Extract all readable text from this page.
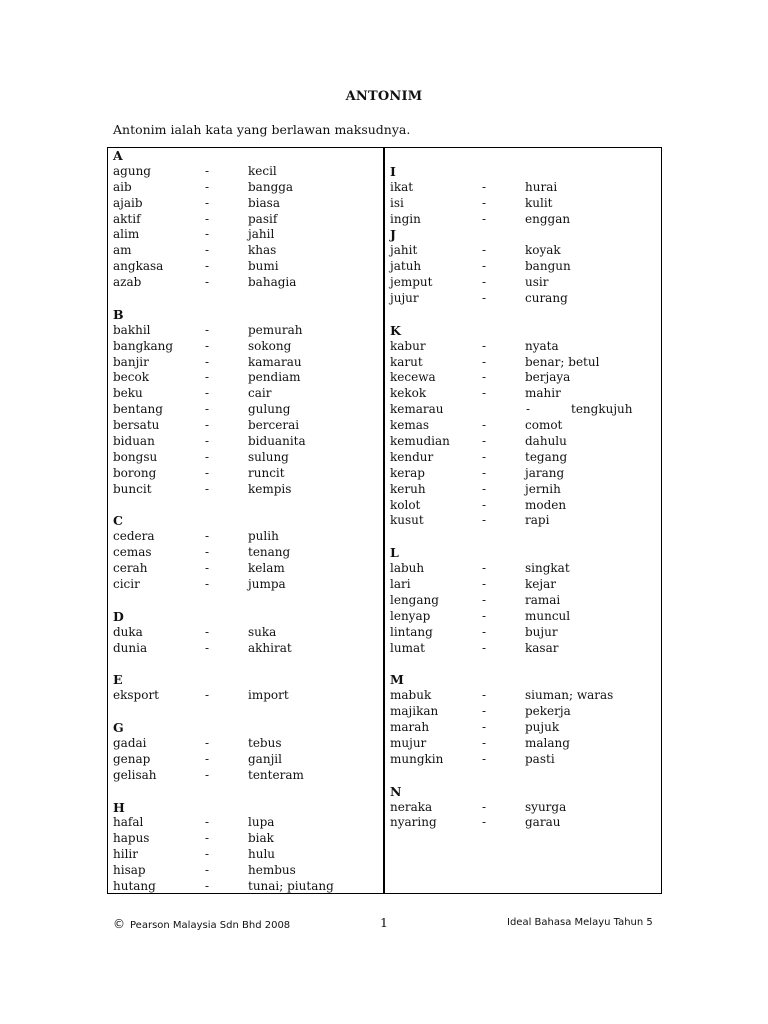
ANTONIM
Antonim ialah kata yang berlawan maksudnya.
A
agung	-	kecil
aib	-	bangga
ajaib	-	biasa
aktif	-	pasif
alim	-	jahil
am	-	khas
angkasa	-	bumi
azab	-	bahagia
B
bakhil	-	pemurah
bangkang	-	sokong
banjir	-	kamarau
becok	-	pendiam
beku	-	cair
bentang	-	gulung
bersatu	-	bercerai
biduan	-	biduanita
bongsu	-	sulung
borong	-	runcit
buncit	-	kempis
C
cedera	-	pulih
cemas	-	tenang
cerah	-	kelam
cicir	-	jumpa
D
duka	-	suka
dunia	-	akhirat
E
eksport	-	import
G
gadai	-	tebus
genap	-	ganjil
gelisah	-	tenteram
H
hafal	-	lupa
hapus	-	biak
hilir	-	hulu
hisap	-	hembus
hutang	-	tunai; piutang
I
ikat	-	hurai
isi	-	kulit
ingin	-	enggan
J
jahit	-	koyak
jatuh	-	bangun
jemput	-	usir
jujur	-	curang
K
kabur	-	nyata
karut	-	benar; betul
kecewa	-	berjaya
kekok	-	mahir
kemarau	-	tengkujuh
kemas	-	comot
kemudian	-	dahulu
kendur	-	tegang
kerap	-	jarang
keruh	-	jernih
kolot	-	moden
kusut	-	rapi
L
labuh	-	singkat
lari	-	kejar
lengang	-	ramai
lenyap	-	muncul
lintang	-	bujur
lumat	-	kasar
M
mabuk	-	siuman; waras
majikan	-	pekerja
marah	-	pujuk
mujur	-	malang
mungkin	-	pasti
N
neraka	-	syurga
nyaring	-	garau
© Pearson Malaysia Sdn Bhd 2008	1	Ideal Bahasa Melayu Tahun 5
